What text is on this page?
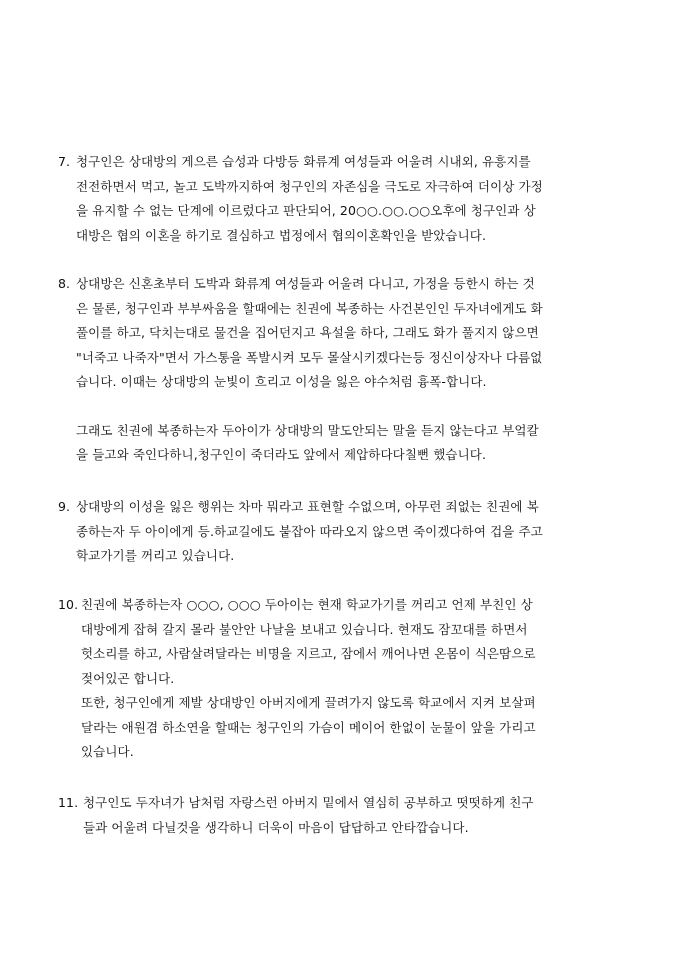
7. 청구인은 상대방의 게으른 습성과 다방등 화류계 여성들과 어울려 시내외, 유흥지를
전전하면서 먹고, 놀고 도박까지하여 청구인의 자존심을 극도로 자극하여 더이상 가정
을 유지할 수 없는 단계에 이르렀다고 판단되어, 20○○.○○.○○오후에 청구인과 상
대방은 협의 이혼을 하기로 결심하고 법정에서 협의이혼확인을 받았습니다.
8. 상대방은 신혼초부터 도박과 화류계 여성들과 어울려 다니고, 가정을 등한시 하는 것
은 물론, 청구인과 부부싸움을 할때에는 친권에 복종하는 사건본인인 두자녀에게도 화
풀이를 하고, 닥치는대로 물건을 집어던지고 욕설을 하다, 그래도 화가 풀지지 않으면
"너죽고 나죽자"면서 가스통을 폭발시켜 모두 몰살시키겠다는등 정신이상자나 다름없
습니다. 이때는 상대방의 눈빛이 흐리고 이성을 잃은 야수처럼 흉폭-합니다.
그래도 친권에 복종하는자 두아이가 상대방의 말도안되는 말을 듣지 않는다고 부엌칼
을 들고와 죽인다하니,청구인이 죽더라도 앞에서 제압하다다칠뻔 했습니다.
9. 상대방의 이성을 잃은 행위는 차마 뭐라고 표현할 수없으며, 아무런 죄없는 친권에 복
종하는자 두 아이에게 등.하교길에도 붙잡아 따라오지 않으면 죽이겠다하여 겁을 주고
학교가기를 꺼리고 있습니다.
10. 친권에 복종하는자 ○○○, ○○○ 두아이는 현재 학교가기를 꺼리고 언제 부친인 상
대방에게 잡혀 갈지 몰라 불안안 나날을 보내고 있습니다. 현재도 잠꼬대를 하면서
헛소리를 하고, 사람살려달라는 비명을 지르고, 잠에서 깨어나면 온몸이 식은땀으로
젖어있곤 합니다.
또한, 청구인에게 제발 상대방인 아버지에게 끌려가지 않도록 학교에서 지켜 보살펴
달라는 애원겸 하소연을 할때는 청구인의 가슴이 메이어 한없이 눈물이 앞을 가리고
있습니다.
11. 청구인도 두자녀가 남처럼 자랑스런 아버지 밑에서 열심히 공부하고 떳떳하게 친구
들과 어울려 다닐것을 생각하니 더욱이 마음이 답답하고 안타깝습니다.
